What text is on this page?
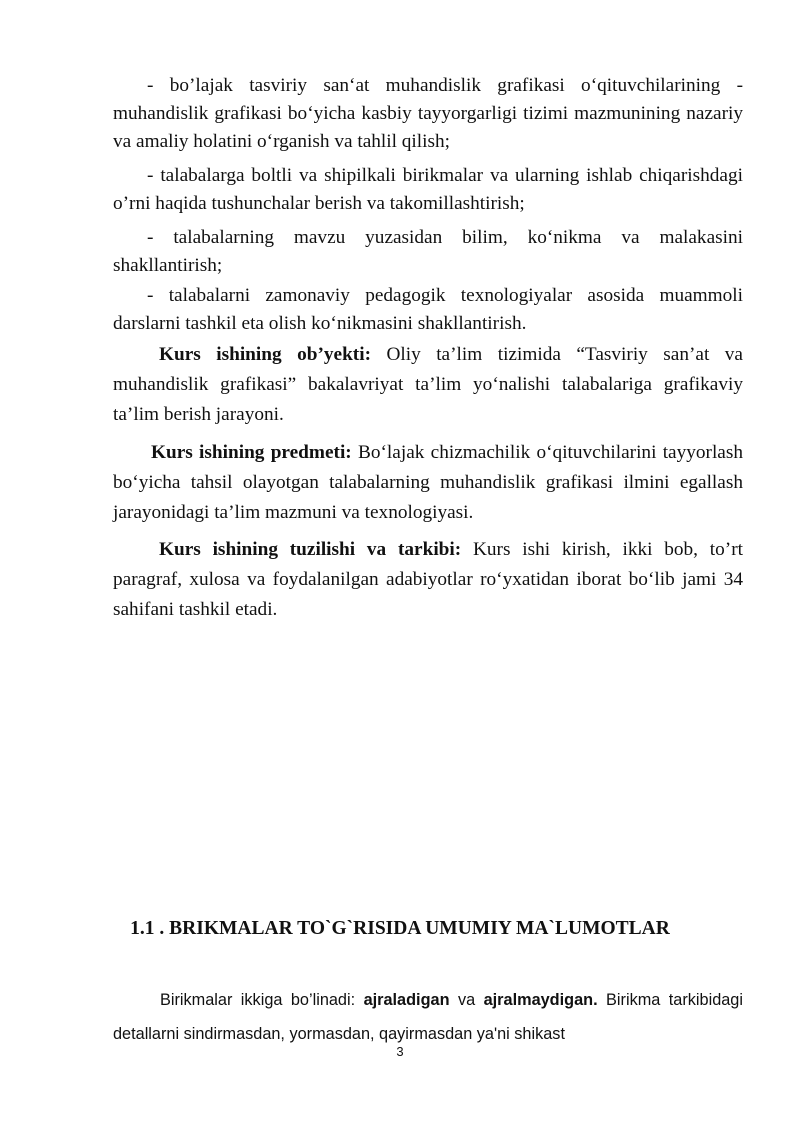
- bo’lajak tasviriy san‘at muhandislik grafikasi o‘qituvchilarining - muhandislik grafikasi bo‘yicha kasbiy tayyorgarligi tizimi mazmunining nazariy va amaliy holatini o‘rganish va tahlil qilish;

- talabalarga boltli va shipilkali birikmalar va ularning ishlab chiqarishdagi o’rni haqida tushunchalar berish va takomillashtirish;

- talabalarning mavzu yuzasidan bilim, ko‘nikma va malakasini shakllantirish;

- talabalarni zamonaviy pedagogik texnologiyalar asosida muammoli darslarni tashkil eta olish ko‘nikmasini shakllantirish.

Kurs ishining ob’yekti: Oliy ta’lim tizimida “Tasviriy san’at va muhandislik grafikasi” bakalavriyat ta’lim yo‘nalishi talabalariga grafikaviy ta’lim berish jarayoni.

Kurs ishining predmeti: Bo‘lajak chizmachilik o‘qituvchilarini tayyorlash bo‘yicha tahsil olayotgan talabalarning muhandislik grafikasi ilmini egallash jarayonidagi ta’lim mazmuni va texnologiyasi.

Kurs ishining tuzilishi va tarkibi: Kurs ishi kirish, ikki bob, to’rt paragraf, xulosa va foydalanilgan adabiyotlar ro‘yxatidan iborat bo‘lib jami 34 sahifani tashkil etadi.

1.1 . BRIKMALAR TO`G`RISIDA UMUMIY MA`LUMOTLAR

Birikmalar ikkiga bo’linadi: ajraladigan va ajralmaydigan. Birikma tarkibidagi detallarni sindirmasdan, yormasdan, qayirmasdan ya'ni shikast

3
